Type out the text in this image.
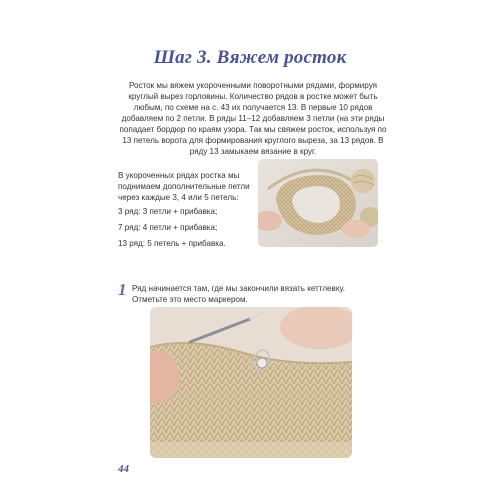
Шаг 3. Вяжем росток
Росток мы вяжем укороченными поворотными рядами, формируя круглый вырез горловины. Количество рядов в ростке может быть любым, по схеме на с. 43 их получается 13. В первые 10 рядов добавляем по 2 петли. В ряды 11–12 добавляем 3 петли (на эти ряды попадает бордюр по краям узора. Так мы свяжем росток, используя по 13 петель ворота для формирования круглого выреза, за 13 рядов. В ряду 13 замыкаем вязание в круг.

В укороченных рядах ростка мы поднимаем дополнительные петли через каждые 3, 4 или 5 петель:

3 ряд: 3 петли + прибавка;

7 ряд: 4 петли + прибавка;

13 ряд: 5 петель + прибавка.

1 Ряд начинается там, где мы закончили вязать кеттлевку. Отметьте это место маркером.
44
